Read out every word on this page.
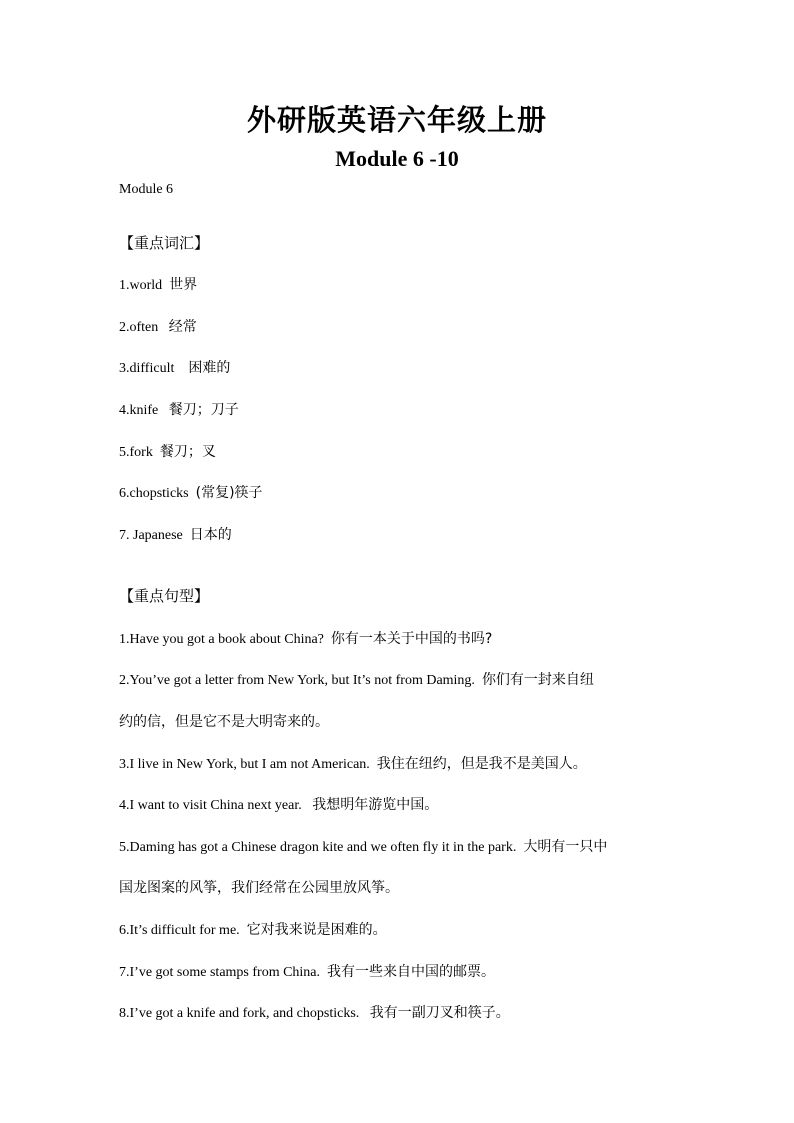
外研版英语六年级上册
Module 6 -10

Module 6

【重点词汇】

1.world 世界

2.often 经常

3.difficult 困难的

4.knife 餐刀；刀子

5.fork 餐刀；叉

6.chopsticks (常复)筷子

7. Japanese 日本的

【重点句型】

1.Have you got a book about China? 你有一本关于中国的书吗?

2.You’ve got a letter from New York, but It’s not from Daming. 你们有一封来自纽

约的信，但是它不是大明寄来的。

3.I live in New York, but I am not American. 我住在纽约，但是我不是美国人。

4.I want to visit China next year. 我想明年游览中国。

5.Daming has got a Chinese dragon kite and we often fly it in the park. 大明有一只中

国龙图案的风筝，我们经常在公园里放风筝。

6.It’s difficult for me. 它对我来说是困难的。

7.I’ve got some stamps from China. 我有一些来自中国的邮票。

8.I’ve got a knife and fork, and chopsticks. 我有一副刀叉和筷子。
